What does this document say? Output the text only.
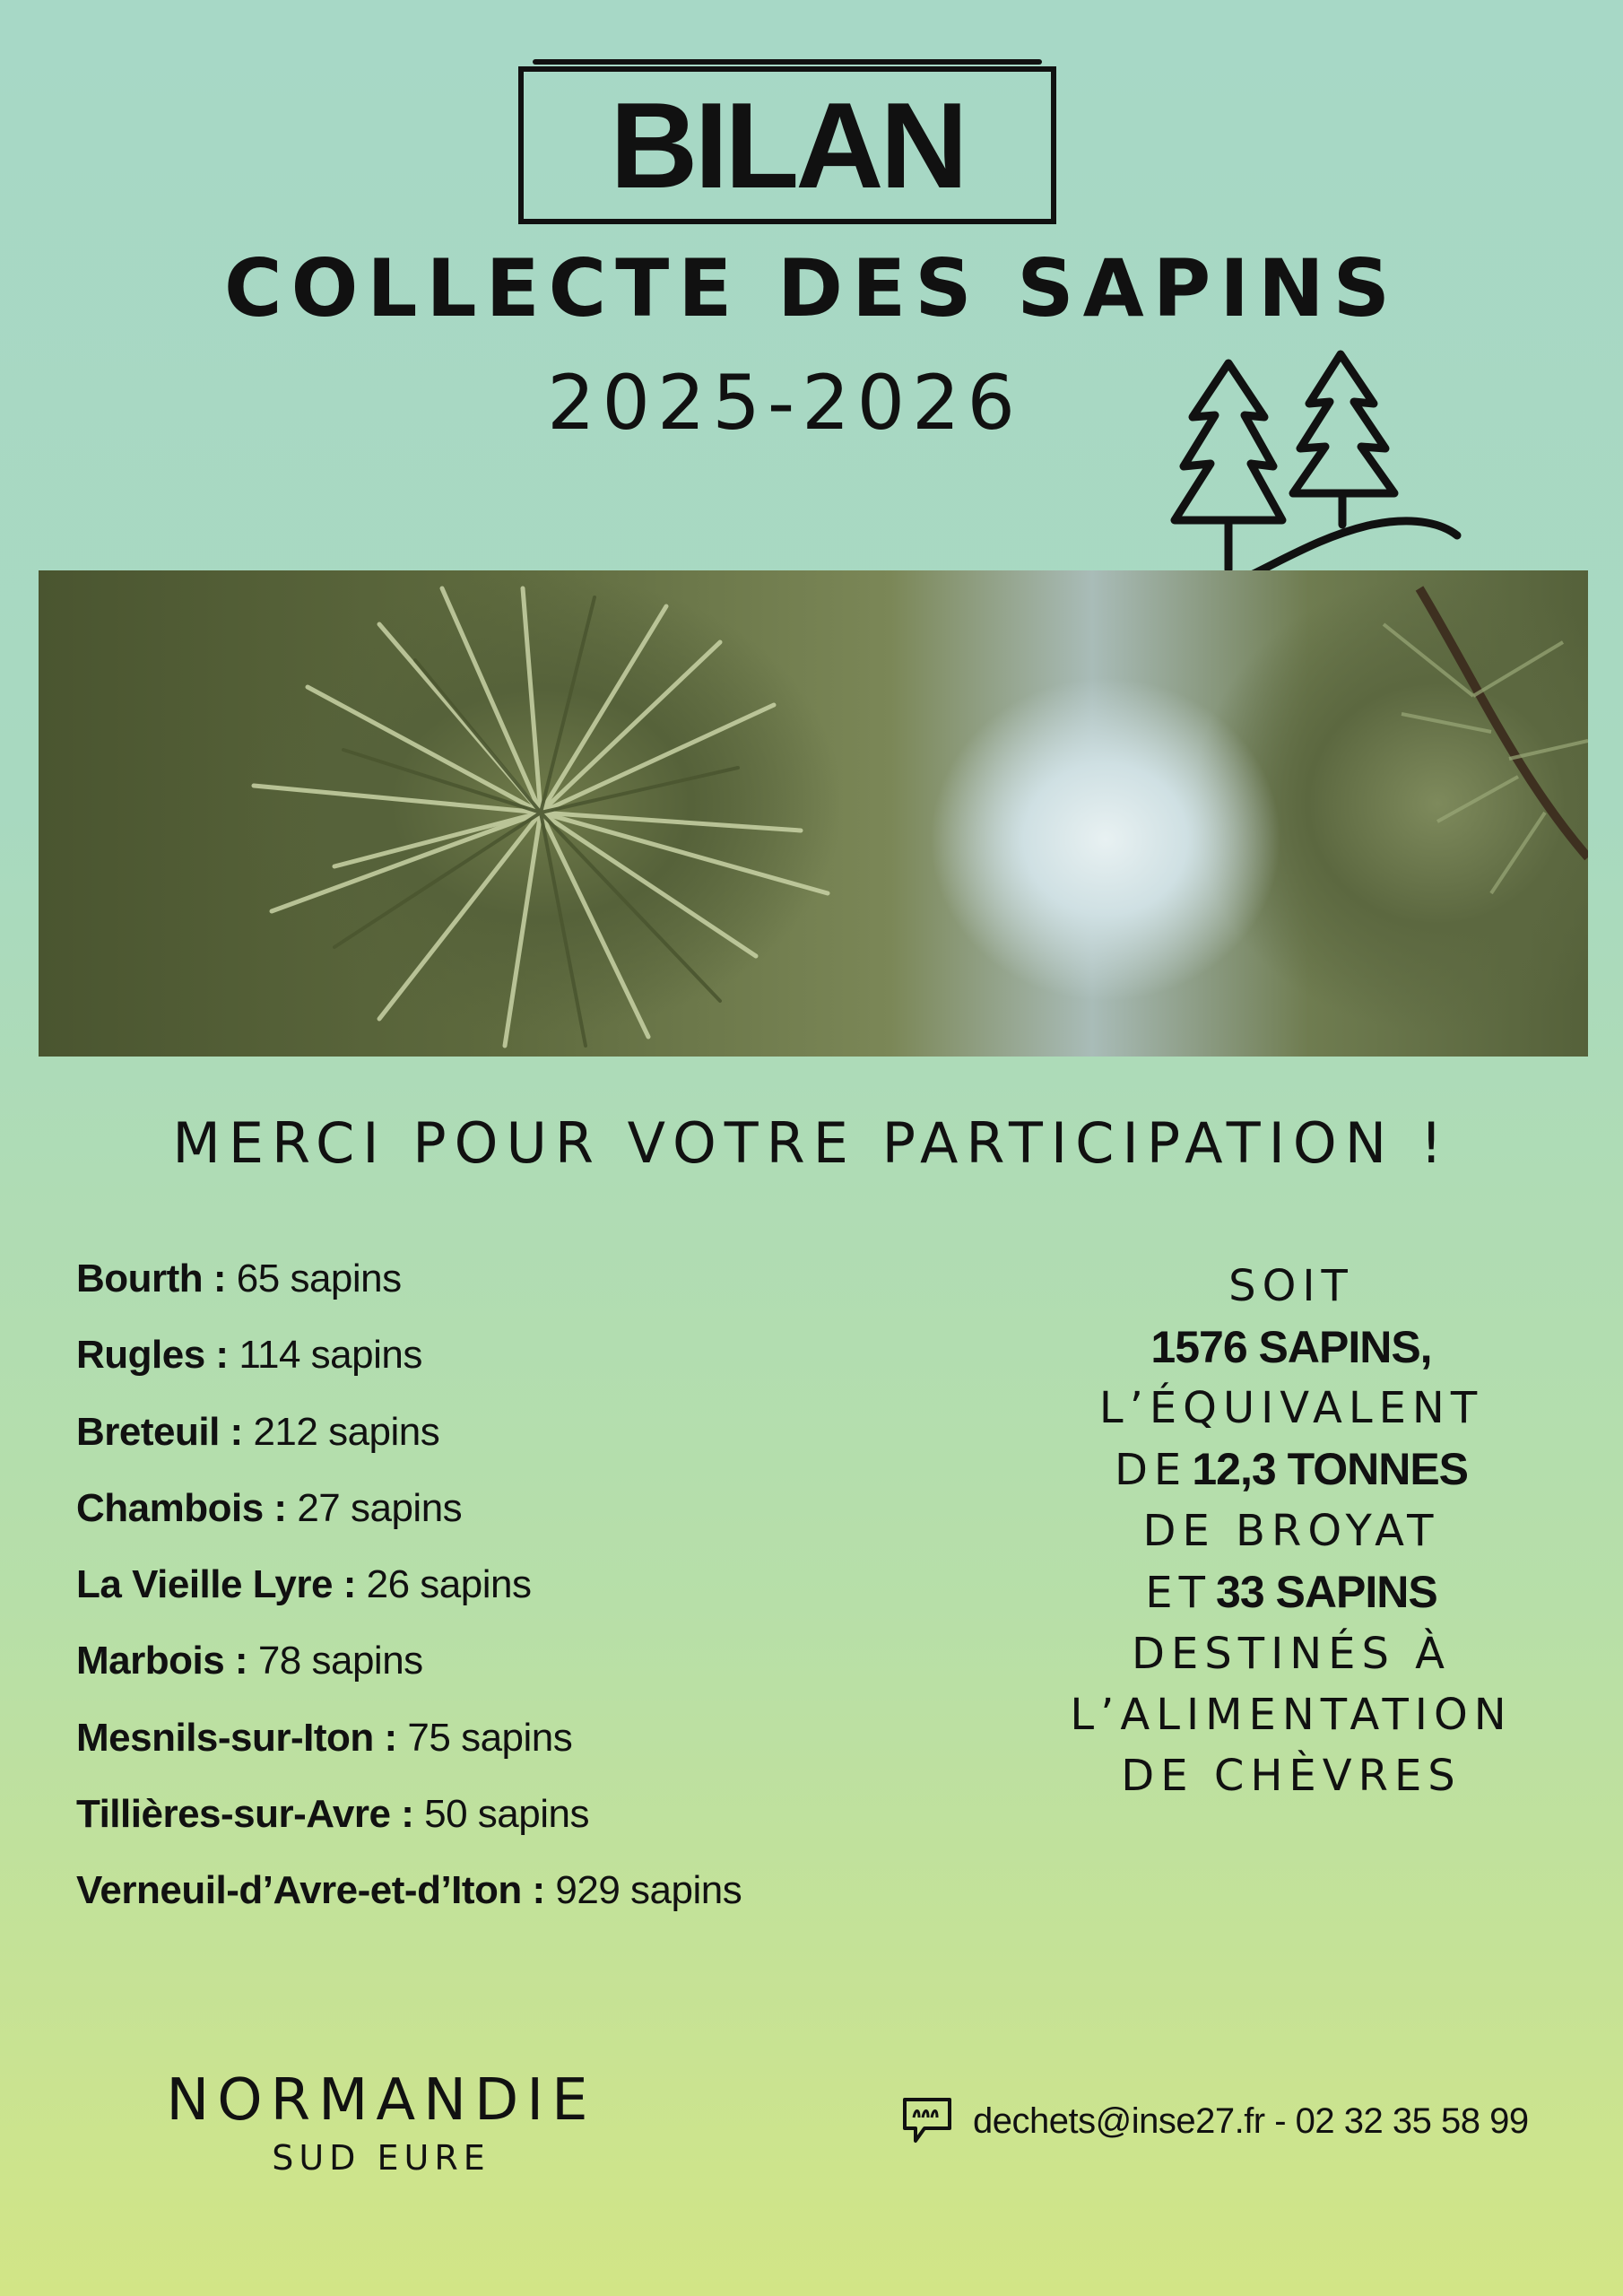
BILAN
COLLECTE DES SAPINS
2025-2026
MERCI POUR VOTRE PARTICIPATION !
Bourth : 65 sapins
Rugles : 114 sapins
Breteuil : 212 sapins
Chambois : 27 sapins
La Vieille Lyre : 26 sapins
Marbois : 78 sapins
Mesnils-sur-Iton : 75 sapins
Tillières-sur-Avre : 50 sapins
Verneuil-d’Avre-et-d’Iton : 929 sapins
SOIT
1576 SAPINS,
L’ÉQUIVALENT
DE 12,3 TONNES
DE BROYAT
ET 33 SAPINS
DESTINÉS À
L’ALIMENTATION
DE CHÈVRES
NORMANDIE
SUD EURE
dechets@inse27.fr - 02 32 35 58 99
